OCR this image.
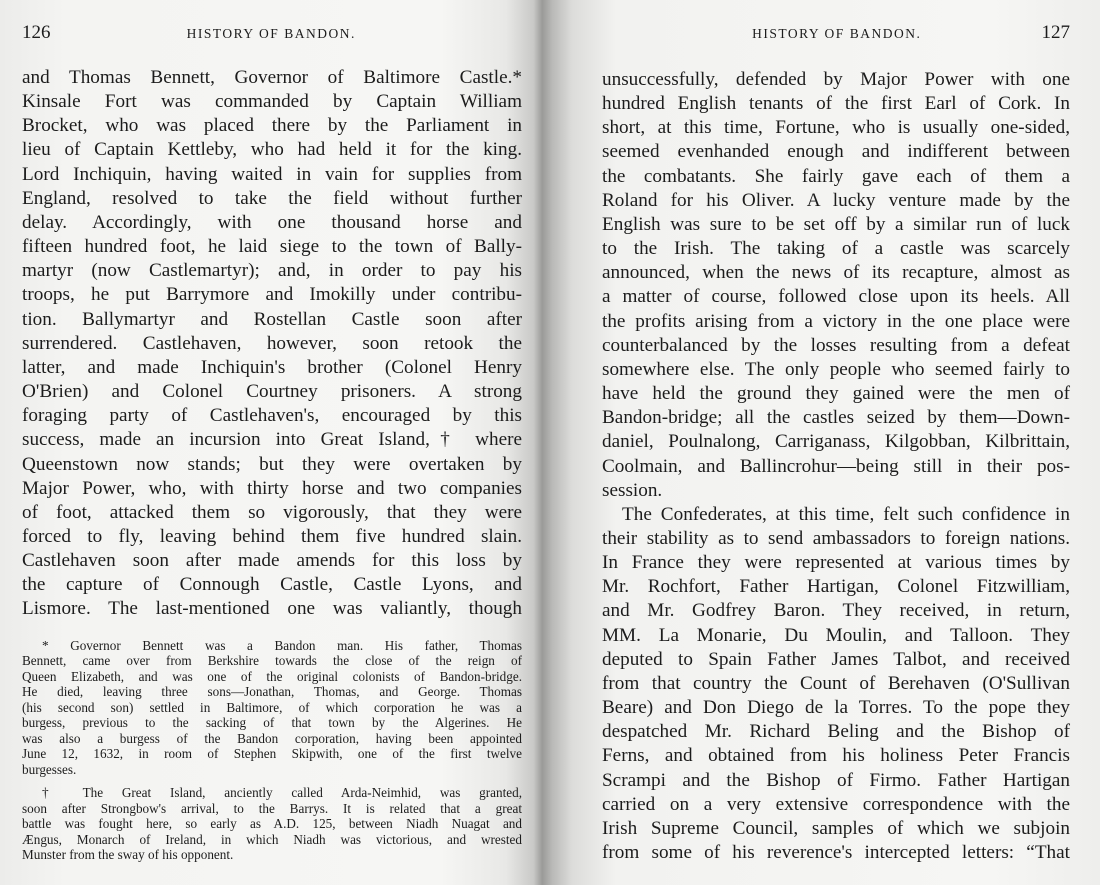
126	HISTORY OF BANDON.
and Thomas Bennett, Governor of Baltimore Castle.*
Kinsale Fort was commanded by Captain William
Brocket, who was placed there by the Parliament in
lieu of Captain Kettleby, who had held it for the king.
Lord Inchiquin, having waited in vain for supplies from
England, resolved to take the field without further
delay. Accordingly, with one thousand horse and
fifteen hundred foot, he laid siege to the town of Bally-
martyr (now Castlemartyr); and, in order to pay his
troops, he put Barrymore and Imokilly under contribu-
tion. Ballymartyr and Rostellan Castle soon after
surrendered. Castlehaven, however, soon retook the
latter, and made Inchiquin's brother (Colonel Henry
O'Brien) and Colonel Courtney prisoners. A strong
foraging party of Castlehaven's, encouraged by this
success, made an incursion into Great Island,† where
Queenstown now stands; but they were overtaken by
Major Power, who, with thirty horse and two companies
of foot, attacked them so vigorously, that they were
forced to fly, leaving behind them five hundred slain.
Castlehaven soon after made amends for this loss by
the capture of Connough Castle, Castle Lyons, and
Lismore. The last-mentioned one was valiantly, though
* Governor Bennett was a Bandon man. His father, Thomas
Bennett, came over from Berkshire towards the close of the reign of
Queen Elizabeth, and was one of the original colonists of Bandon-bridge.
He died, leaving three sons—Jonathan, Thomas, and George. Thomas
(his second son) settled in Baltimore, of which corporation he was a
burgess, previous to the sacking of that town by the Algerines. He
was also a burgess of the Bandon corporation, having been appointed
June 12, 1632, in room of Stephen Skipwith, one of the first twelve
burgesses.
† The Great Island, anciently called Arda-Neimhid, was granted,
soon after Strongbow's arrival, to the Barrys. It is related that a great
battle was fought here, so early as A.D. 125, between Niadh Nuagat and
Ængus, Monarch of Ireland, in which Niadh was victorious, and wrested
Munster from the sway of his opponent.
HISTORY OF BANDON.	127
unsuccessfully, defended by Major Power with one
hundred English tenants of the first Earl of Cork. In
short, at this time, Fortune, who is usually one-sided,
seemed evenhanded enough and indifferent between
the combatants. She fairly gave each of them a
Roland for his Oliver. A lucky venture made by the
English was sure to be set off by a similar run of luck
to the Irish. The taking of a castle was scarcely
announced, when the news of its recapture, almost as
a matter of course, followed close upon its heels. All
the profits arising from a victory in the one place were
counterbalanced by the losses resulting from a defeat
somewhere else. The only people who seemed fairly to
have held the ground they gained were the men of
Bandon-bridge; all the castles seized by them—Down-
daniel, Poulnalong, Carriganass, Kilgobban, Kilbrittain,
Coolmain, and Ballincrohur—being still in their pos-
session.
The Confederates, at this time, felt such confidence in
their stability as to send ambassadors to foreign nations.
In France they were represented at various times by
Mr. Rochfort, Father Hartigan, Colonel Fitzwilliam,
and Mr. Godfrey Baron. They received, in return,
MM. La Monarie, Du Moulin, and Talloon. They
deputed to Spain Father James Talbot, and received
from that country the Count of Berehaven (O'Sullivan
Beare) and Don Diego de la Torres. To the pope they
despatched Mr. Richard Beling and the Bishop of
Ferns, and obtained from his holiness Peter Francis
Scrampi and the Bishop of Firmo. Father Hartigan
carried on a very extensive correspondence with the
Irish Supreme Council, samples of which we subjoin
from some of his reverence's intercepted letters: “That
